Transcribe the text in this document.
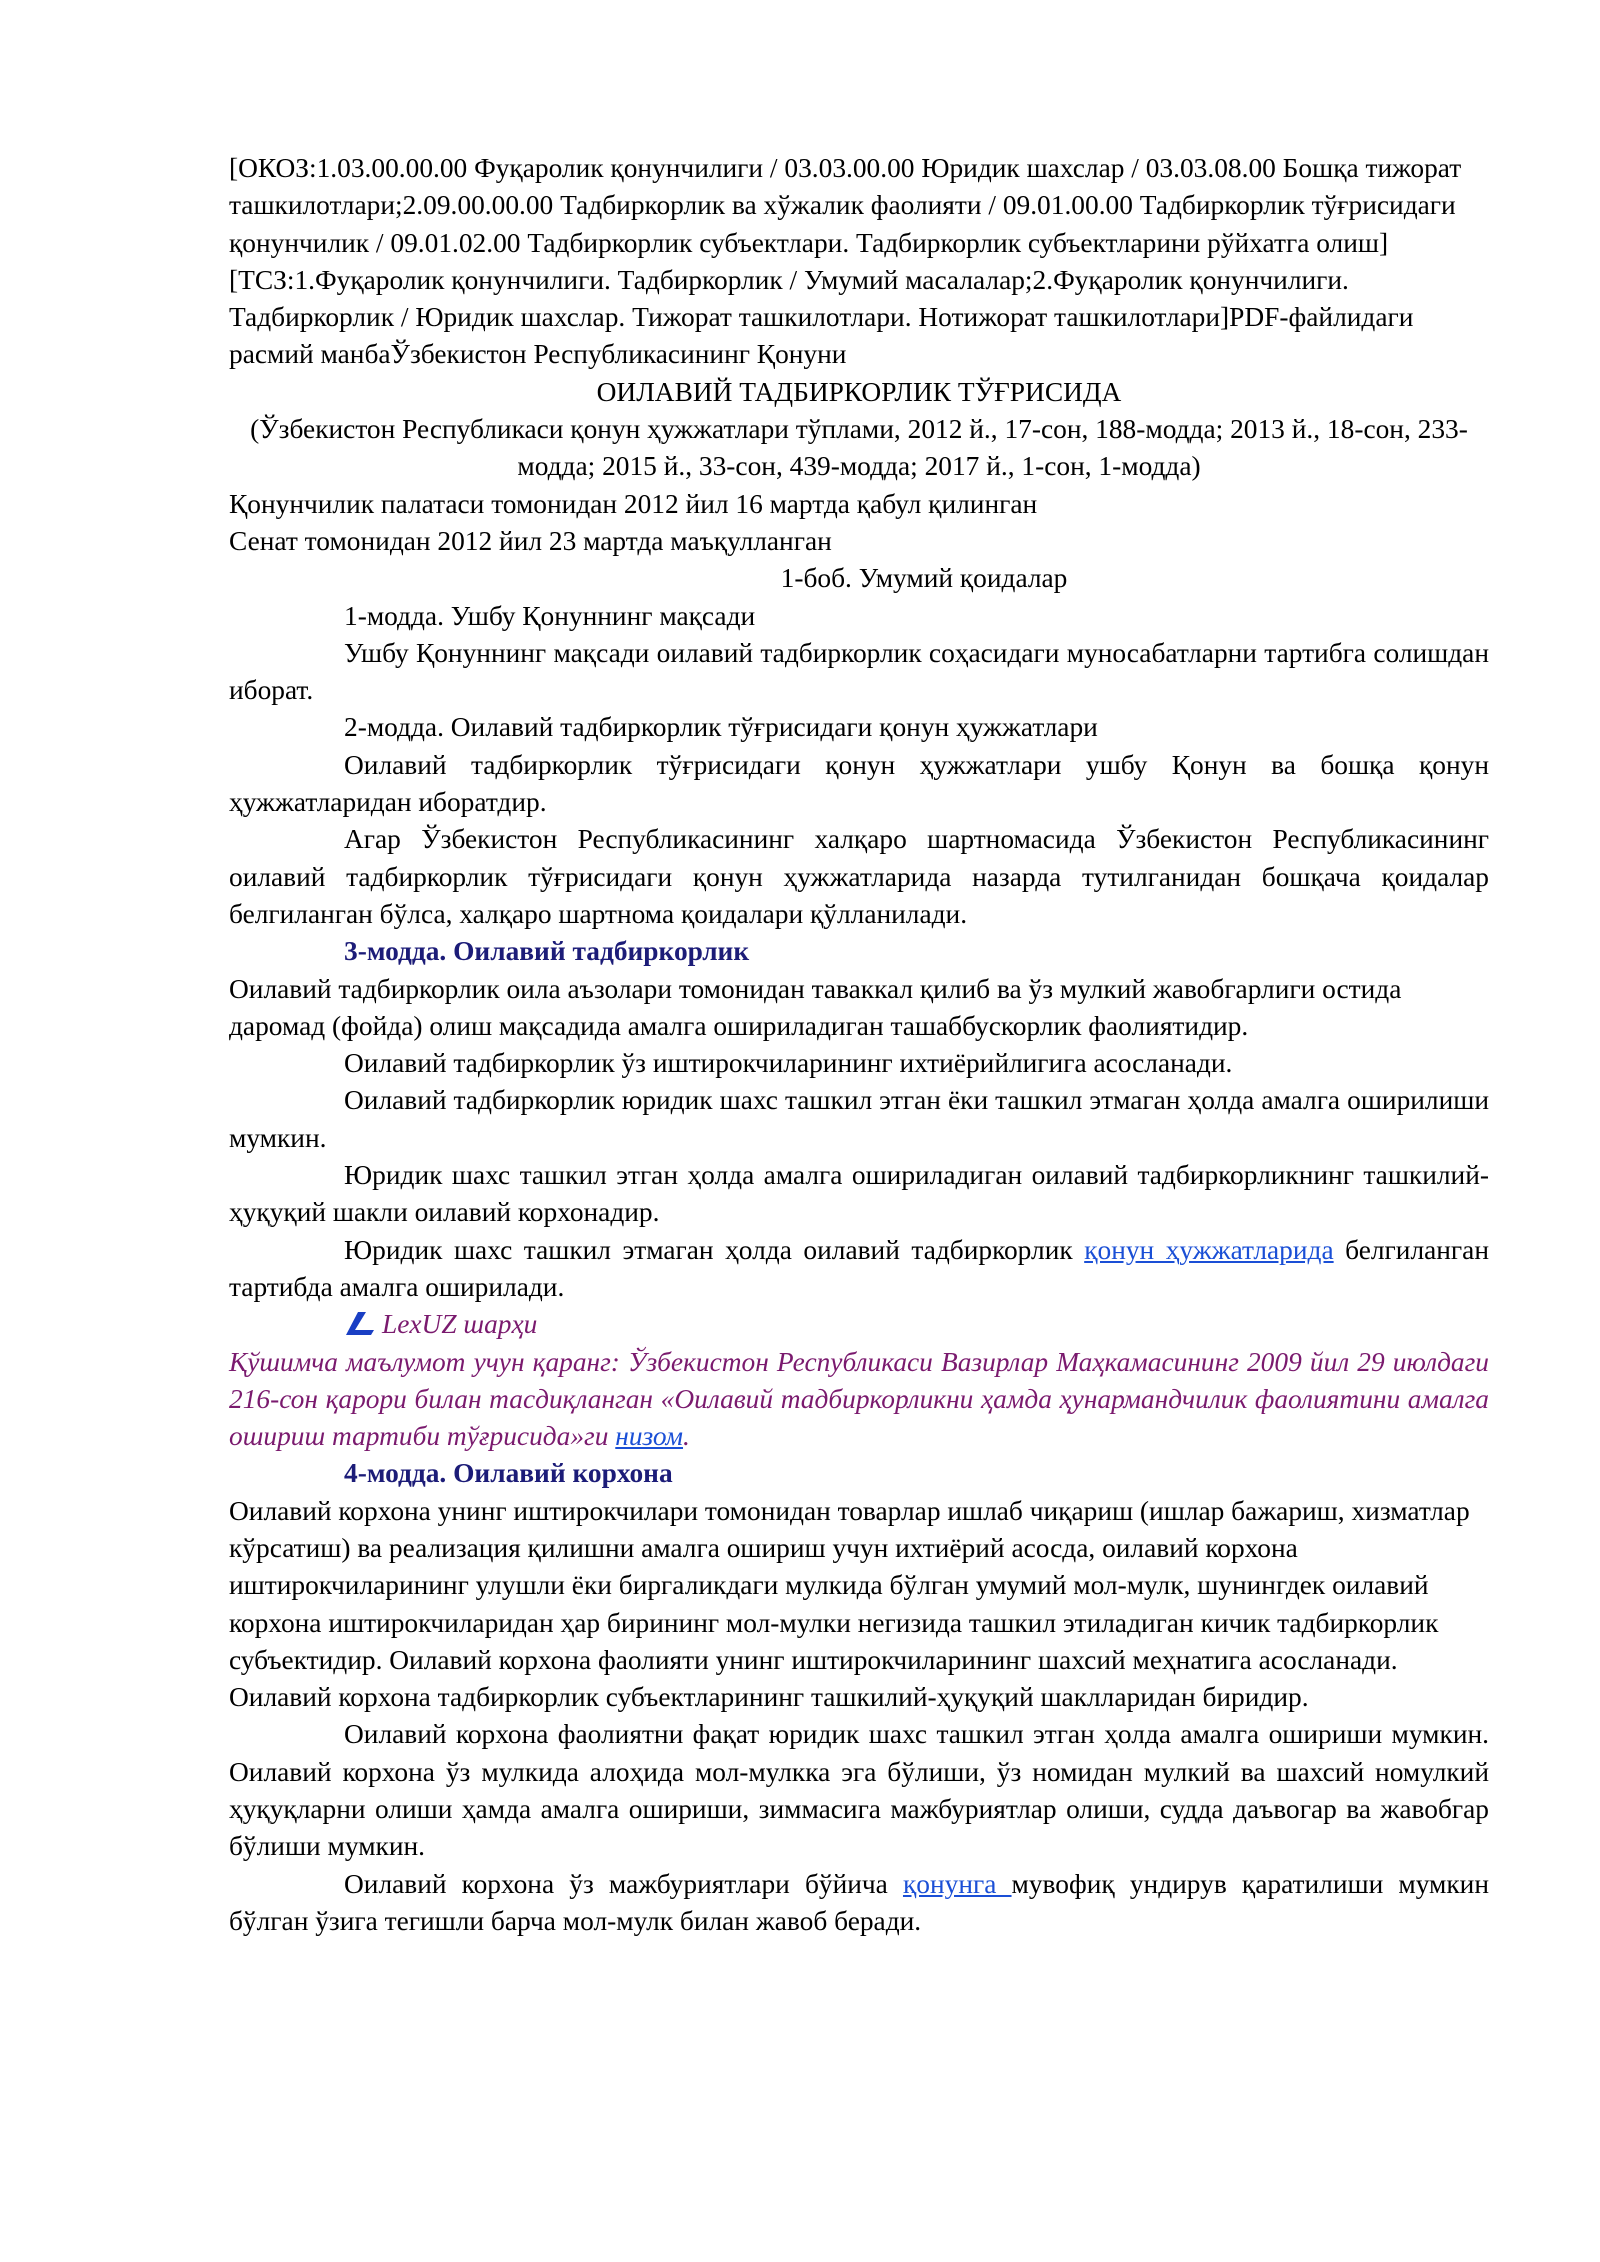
[ОКОЗ:1.03.00.00.00 Фуқаролик қонунчилиги / 03.03.00.00 Юридик шахслар / 03.03.08.00 Бошқа тижорат ташкилотлари;2.09.00.00.00 Тадбиркорлик ва хўжалик фаолияти / 09.01.00.00 Тадбиркорлик тўғрисидаги қонунчилик / 09.01.02.00 Тадбиркорлик субъектлари. Тадбиркорлик субъектларини рўйхатга олиш][ТСЗ:1.Фуқаролик қонунчилиги. Тадбиркорлик / Умумий масалалар;2.Фуқаролик қонунчилиги. Тадбиркорлик / Юридик шахслар. Тижорат ташкилотлари. Нотижорат ташкилотлари]PDF-файлидаги расмий манбаЎзбекистон Республикасининг Қонуни

ОИЛАВИЙ ТАДБИРКОРЛИК ТЎҒРИСИДА

(Ўзбекистон Республикаси қонун ҳужжатлари тўплами, 2012 й., 17-сон, 188-модда; 2013 й., 18-сон, 233-модда; 2015 й., 33-сон, 439-модда; 2017 й., 1-сон, 1-модда)

Қонунчилик палатаси томонидан 2012 йил 16 мартда қабул қилинган

Сенат томонидан 2012 йил 23 мартда маъқулланган

1-боб. Умумий қоидалар

1-модда. Ушбу Қонуннинг мақсади

Ушбу Қонуннинг мақсади оилавий тадбиркорлик соҳасидаги муносабатларни тартибга солишдан иборат.

2-модда. Оилавий тадбиркорлик тўғрисидаги қонун ҳужжатлари

Оилавий тадбиркорлик тўғрисидаги қонун ҳужжатлари ушбу Қонун ва бошқа қонун ҳужжатларидан иборатдир.

Агар Ўзбекистон Республикасининг халқаро шартномасида Ўзбекистон Республикасининг оилавий тадбиркорлик тўғрисидаги қонун ҳужжатларида назарда тутилганидан бошқача қоидалар белгиланган бўлса, халқаро шартнома қоидалари қўлланилади.

3-модда. Оилавий тадбиркорлик

Оилавий тадбиркорлик оила аъзолари томонидан таваккал қилиб ва ўз мулкий жавобгарлиги остида даромад (фойда) олиш мақсадида амалга ошириладиган ташаббускорлик фаолиятидир.

Оилавий тадбиркорлик ўз иштирокчиларининг ихтиёрийлигига асосланади.

Оилавий тадбиркорлик юридик шахс ташкил этган ёки ташкил этмаган ҳолда амалга оширилиши мумкин.

Юридик шахс ташкил этган ҳолда амалга ошириладиган оилавий тадбиркорликнинг ташкилий-ҳуқуқий шакли оилавий корхонадир.

Юридик шахс ташкил этмаган ҳолда оилавий тадбиркорлик қонун ҳужжатларида белгиланган тартибда амалга оширилади.

LexUZ шарҳи

Қўшимча маълумот учун қаранг: Ўзбекистон Республикаси Вазирлар Маҳкамасининг 2009 йил 29 июлдаги 216-сон қарори билан тасдиқланган «Оилавий тадбиркорликни ҳамда ҳунармандчилик фаолиятини амалга ошириш тартиби тўғрисида»ги низом.

4-модда. Оилавий корхона

Оилавий корхона унинг иштирокчилари томонидан товарлар ишлаб чиқариш (ишлар бажариш, хизматлар кўрсатиш) ва реализация қилишни амалга ошириш учун ихтиёрий асосда, оилавий корхона иштирокчиларининг улушли ёки биргаликдаги мулкида бўлган умумий мол-мулк, шунингдек оилавий корхона иштирокчиларидан ҳар бирининг мол-мулки негизида ташкил этиладиган кичик тадбиркорлик субъектидир. Оилавий корхона фаолияти унинг иштирокчиларининг шахсий меҳнатига асосланади. Оилавий корхона тадбиркорлик субъектларининг ташкилий-ҳуқуқий шаклларидан биридир.

Оилавий корхона фаолиятни фақат юридик шахс ташкил этган ҳолда амалга ошириши мумкин. Оилавий корхона ўз мулкида алоҳида мол-мулкка эга бўлиши, ўз номидан мулкий ва шахсий номулкий ҳуқуқларни олиши ҳамда амалга ошириши, зиммасига мажбуриятлар олиши, судда даъвогар ва жавобгар бўлиши мумкин.

Оилавий корхона ўз мажбуриятлари бўйича қонунга мувофиқ ундирув қаратилиши мумкин бўлган ўзига тегишли барча мол-мулк билан жавоб беради.
